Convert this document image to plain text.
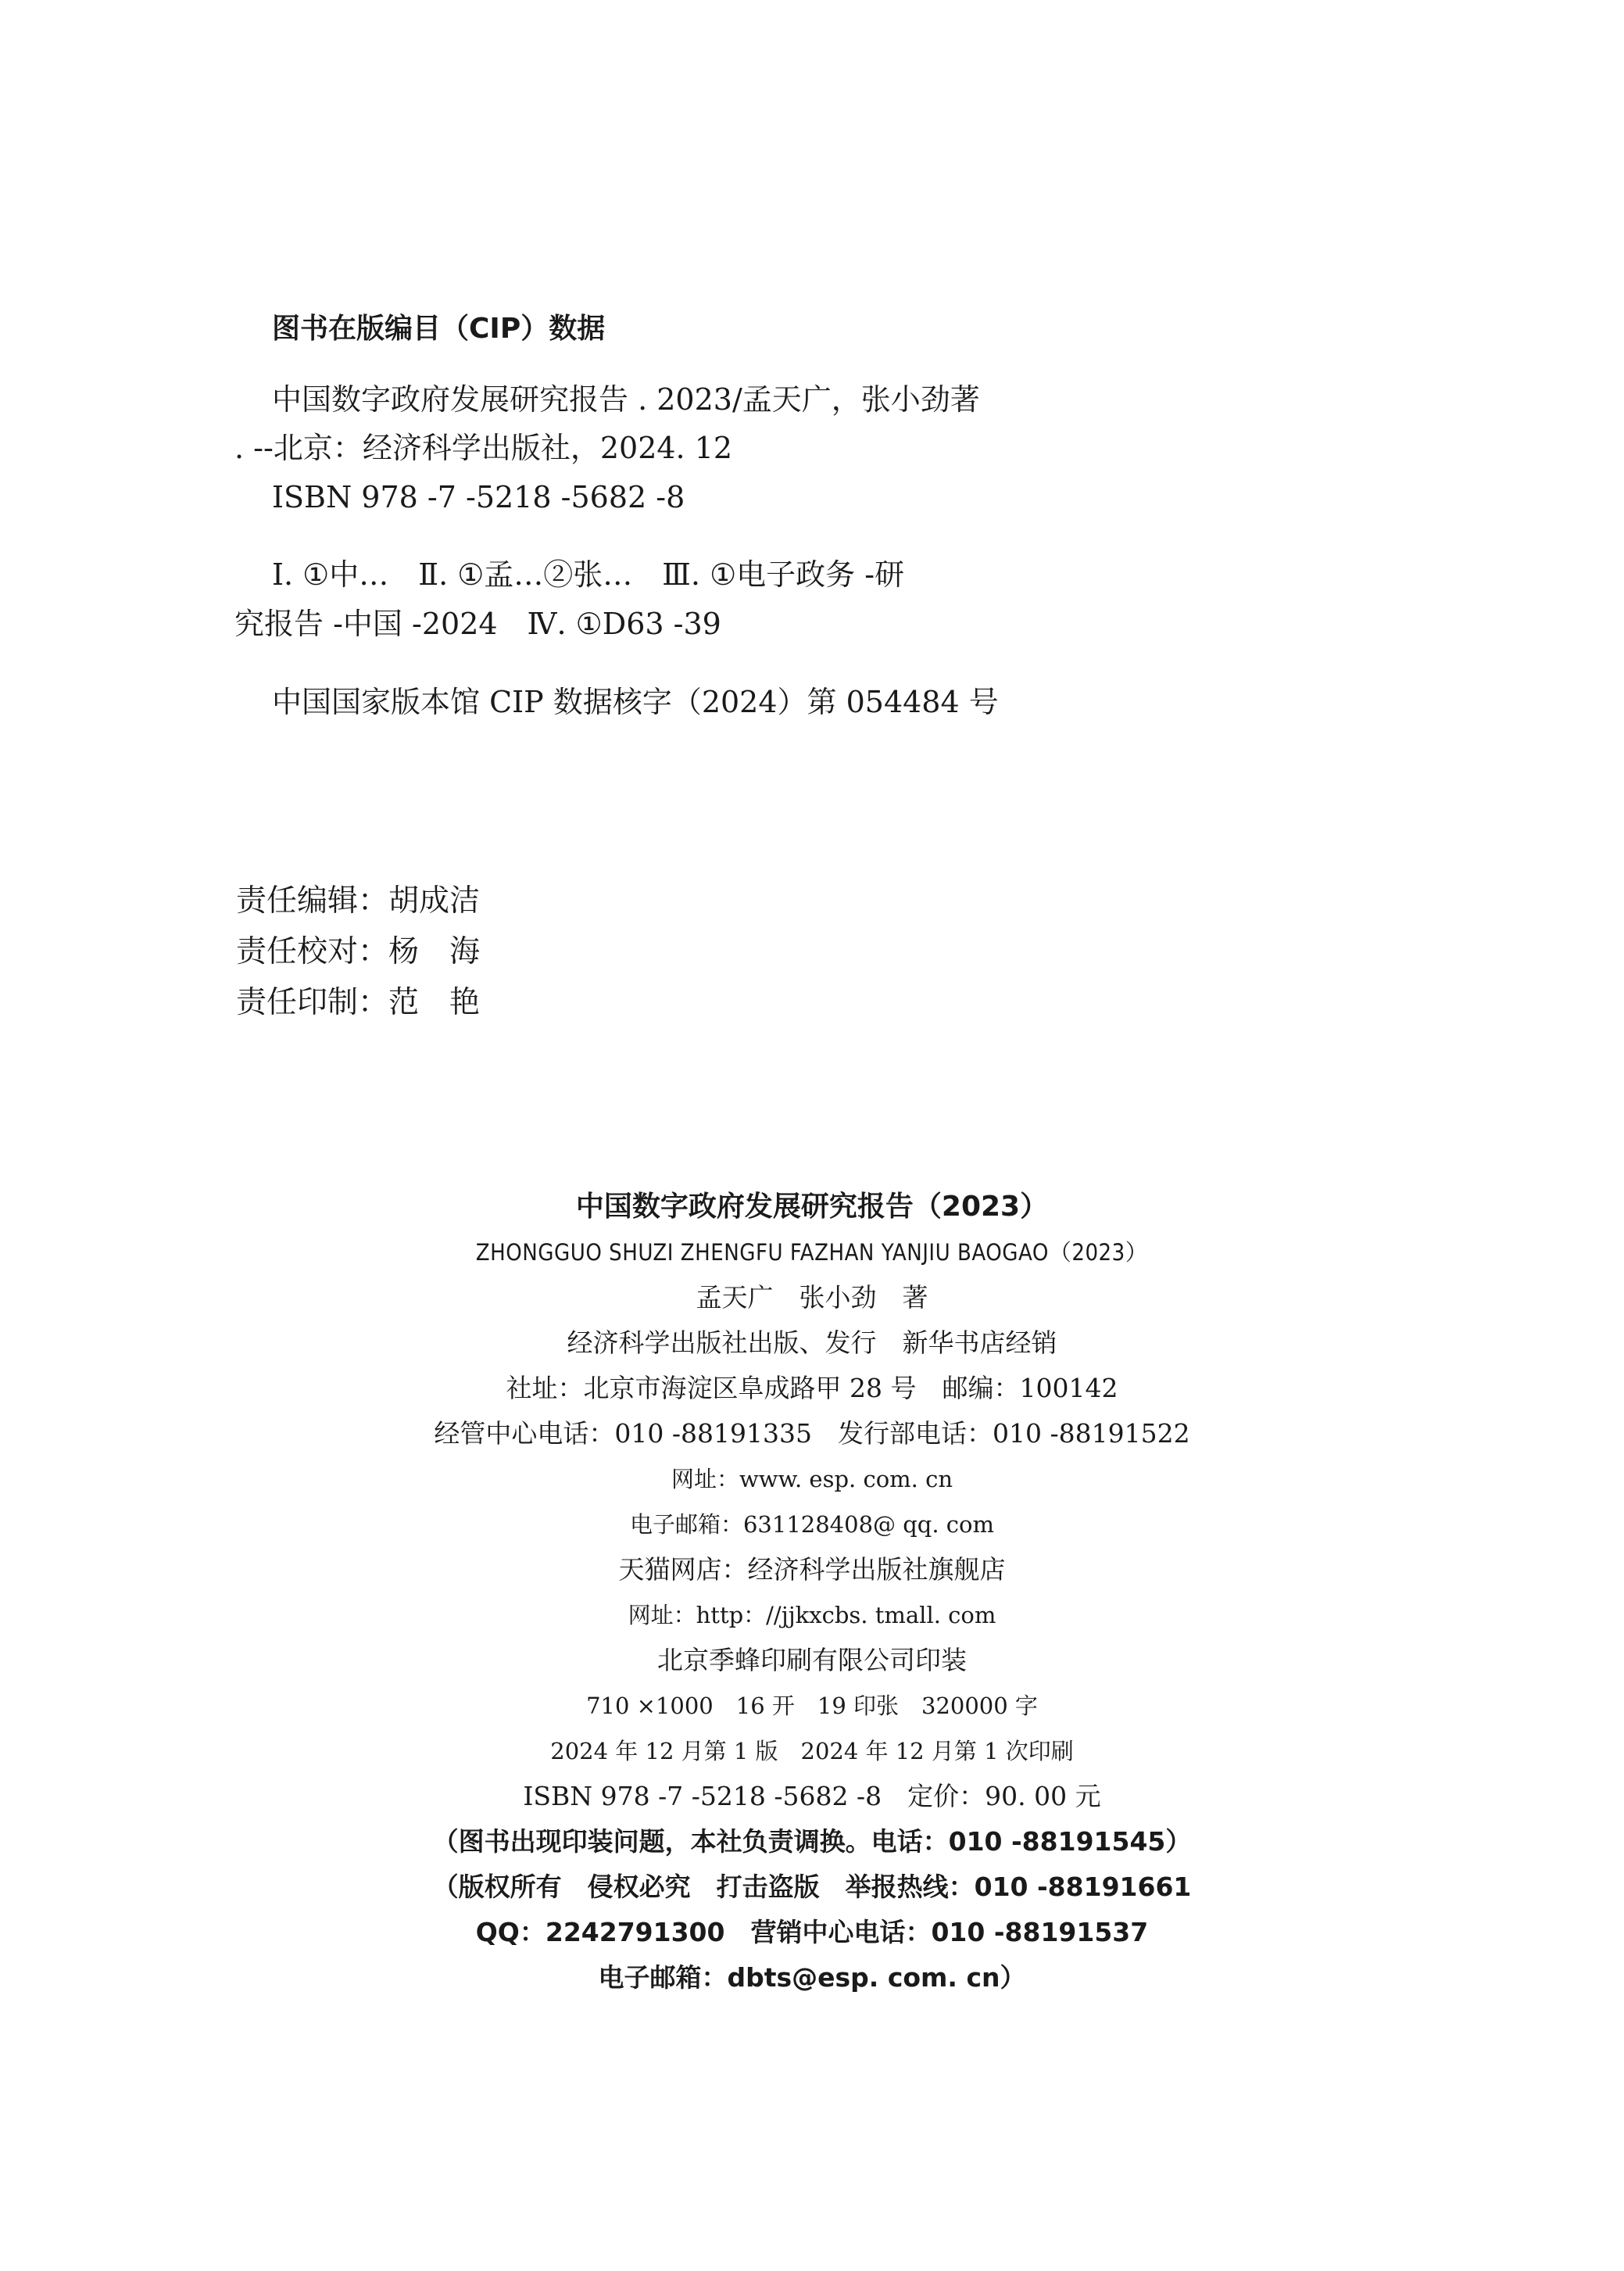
图书在版编目（CIP）数据
中国数字政府发展研究报告 . 2023/孟天广，张小劲著
. --北京：经济科学出版社，2024. 12
ISBN 978 -7 -5218 -5682 -8
Ⅰ. ①中…　Ⅱ. ①孟…②张…　Ⅲ. ①电子政务 -研
究报告 -中国 -2024　Ⅳ. ①D63 -39
中国国家版本馆 CIP 数据核字（2024）第 054484 号
责任编辑：胡成洁
责任校对：杨　海
责任印制：范　艳
中国数字政府发展研究报告（2023）
ZHONGGUO SHUZI ZHENGFU FAZHAN YANJIU BAOGAO（2023）
孟天广　张小劲　著
经济科学出版社出版、发行　新华书店经销
社址：北京市海淀区阜成路甲 28 号　邮编：100142
经管中心电话：010 -88191335　发行部电话：010 -88191522
网址：www. esp. com. cn
电子邮箱：631128408@ qq. com
天猫网店：经济科学出版社旗舰店
网址：http：//jjkxcbs. tmall. com
北京季蜂印刷有限公司印装
710 ×1000　16 开　19 印张　320000 字
2024 年 12 月第 1 版　2024 年 12 月第 1 次印刷
ISBN 978 -7 -5218 -5682 -8　定价：90. 00 元
（图书出现印装问题，本社负责调换。电话：010 -88191545）
（版权所有　侵权必究　打击盗版　举报热线：010 -88191661
QQ：2242791300　营销中心电话：010 -88191537
电子邮箱：dbts@esp. com. cn）
